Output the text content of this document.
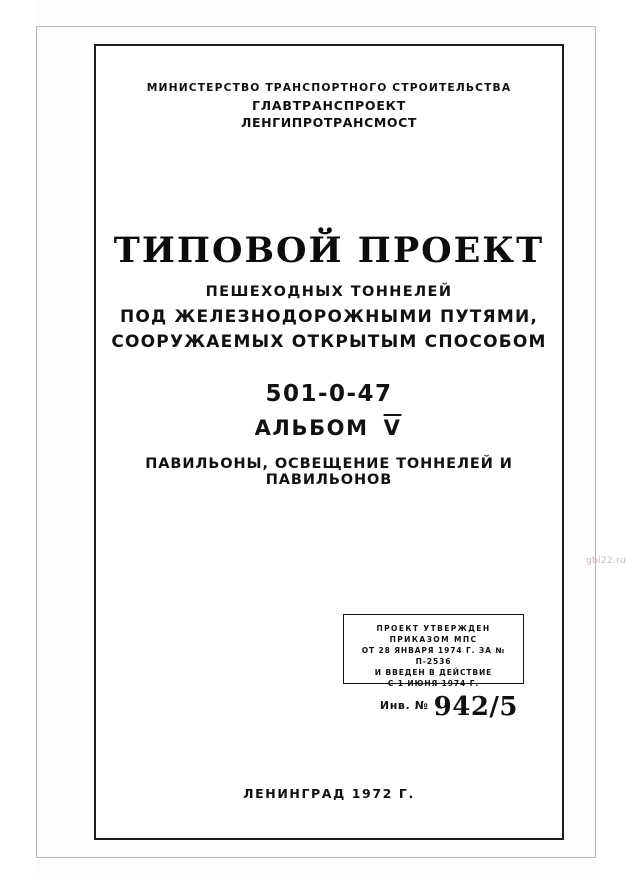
МИНИСТЕРСТВО ТРАНСПОРТНОГО СТРОИТЕЛЬСТВА
ГЛАВТРАНСПРОЕКТ
ЛЕНГИПРОТРАНСМОСТ
ТИПОВОЙ ПРОЕКТ
ПЕШЕХОДНЫХ ТОННЕЛЕЙ
ПОД ЖЕЛЕЗНОДОРОЖНЫМИ ПУТЯМИ,
СООРУЖАЕМЫХ ОТКРЫТЫМ СПОСОБОМ
501-0-47
АЛЬБОМ $\overline{V}$
ПАВИЛЬОНЫ, ОСВЕЩЕНИЕ ТОННЕЛЕЙ И ПАВИЛЬОНОВ
ПРОЕКТ УТВЕРЖДЕН
ПРИКАЗОМ МПС
ОТ 28 ЯНВАРЯ 1974 Г. ЗА № П-2536
И ВВЕДЕН В ДЕЙСТВИЕ
С 1 ИЮНЯ 1974 Г.
$^{Инв. №}$ 942/5
ЛЕНИНГРАД 1972 Г.
gbi22.ru
